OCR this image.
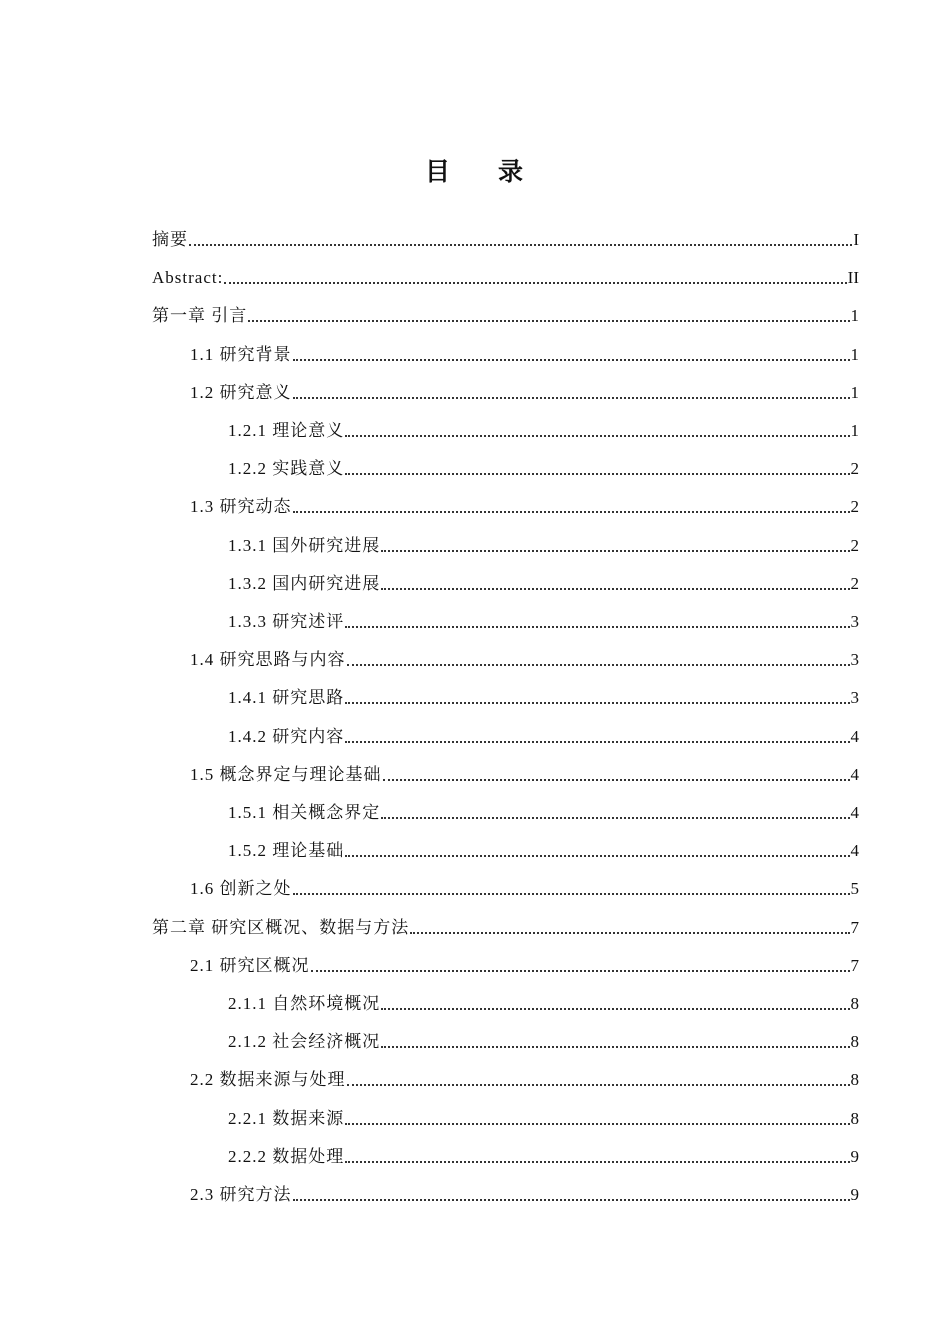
目 录
摘要	I
Abstract:	II
第一章 引言	1
1.1 研究背景	1
1.2 研究意义	1
1.2.1 理论意义	1
1.2.2 实践意义	2
1.3 研究动态	2
1.3.1 国外研究进展	2
1.3.2 国内研究进展	2
1.3.3 研究述评	3
1.4 研究思路与内容	3
1.4.1 研究思路	3
1.4.2 研究内容	4
1.5 概念界定与理论基础	4
1.5.1 相关概念界定	4
1.5.2 理论基础	4
1.6 创新之处	5
第二章 研究区概况、数据与方法	7
2.1 研究区概况	7
2.1.1 自然环境概况	8
2.1.2 社会经济概况	8
2.2 数据来源与处理	8
2.2.1 数据来源	8
2.2.2 数据处理	9
2.3 研究方法	9
